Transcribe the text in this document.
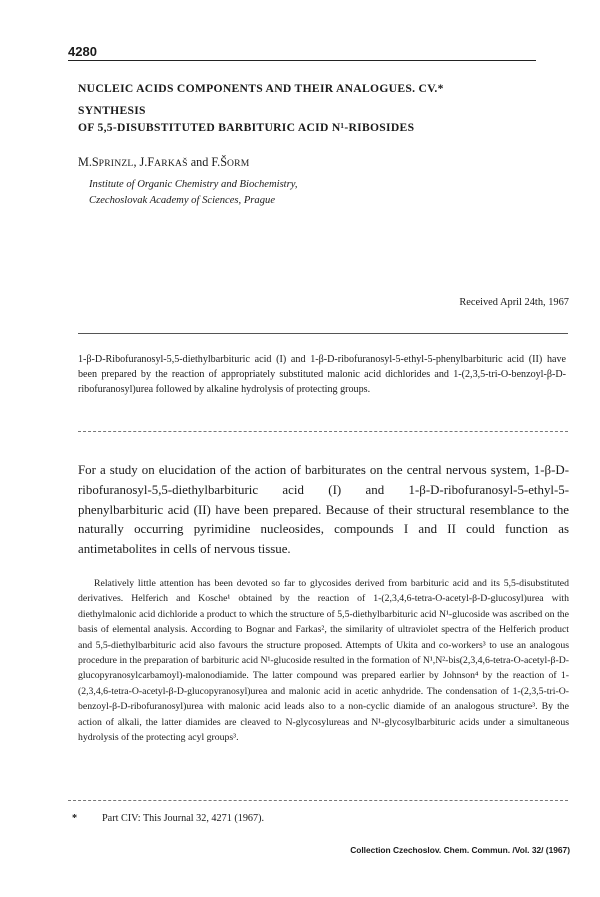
4280
NUCLEIC ACIDS COMPONENTS AND THEIR ANALOGUES. CV.*
SYNTHESIS
OF 5,5-DISUBSTITUTED BARBITURIC ACID N¹-RIBOSIDES
M.SPRINZL, J.FARKAŠ and F.ŠORM
Institute of Organic Chemistry and Biochemistry,
Czechoslovak Academy of Sciences, Prague
Received April 24th, 1967
1-β-D-Ribofuranosyl-5,5-diethylbarbituric acid (I) and 1-β-D-ribofuranosyl-5-ethyl-5-phenylbarbituric acid (II) have been prepared by the reaction of appropriately substituted malonic acid dichlorides and 1-(2,3,5-tri-O-benzoyl-β-D-ribofuranosyl)urea followed by alkaline hydrolysis of protecting groups.
For a study on elucidation of the action of barbiturates on the central nervous system, 1-β-D-ribofuranosyl-5,5-diethylbarbituric acid (I) and 1-β-D-ribofuranosyl-5-ethyl-5-phenylbarbituric acid (II) have been prepared. Because of their structural resemblance to the naturally occurring pyrimidine nucleosides, compounds I and II could function as antimetabolites in cells of nervous tissue.
Relatively little attention has been devoted so far to glycosides derived from barbituric acid and its 5,5-disubstituted derivatives. Helferich and Kosche¹ obtained by the reaction of 1-(2,3,4,6-tetra-O-acetyl-β-D-glucosyl)urea with diethylmalonic acid dichloride a product to which the structure of 5,5-diethylbarbituric acid N¹-glucoside was ascribed on the basis of elemental analysis. According to Bognar and Farkas², the similarity of ultraviolet spectra of the Helferich product and 5,5-diethylbarbituric acid also favours the structure proposed. Attempts of Ukita and co-workers³ to use an analogous procedure in the preparation of barbituric acid N¹-glucoside resulted in the formation of N¹,N²-bis(2,3,4,6-tetra-O-acetyl-β-D-glucopyranosylcarbamoyl)-malonodiamide. The latter compound was prepared earlier by Johnson⁴ by the reaction of 1-(2,3,4,6-tetra-O-acetyl-β-D-glucopyranosyl)urea and malonic acid in acetic anhydride. The condensation of 1-(2,3,5-tri-O-benzoyl-β-D-ribofuranosyl)urea with malonic acid leads also to a non-cyclic diamide of an analogous structure³. By the action of alkali, the latter diamides are cleaved to N-glycosylureas and N¹-glycosylbarbituric acids under a simultaneous hydrolysis of the protecting acyl groups³.
* Part CIV: This Journal 32, 4271 (1967).
Collection Czechoslov. Chem. Commun. /Vol. 32/ (1967)
